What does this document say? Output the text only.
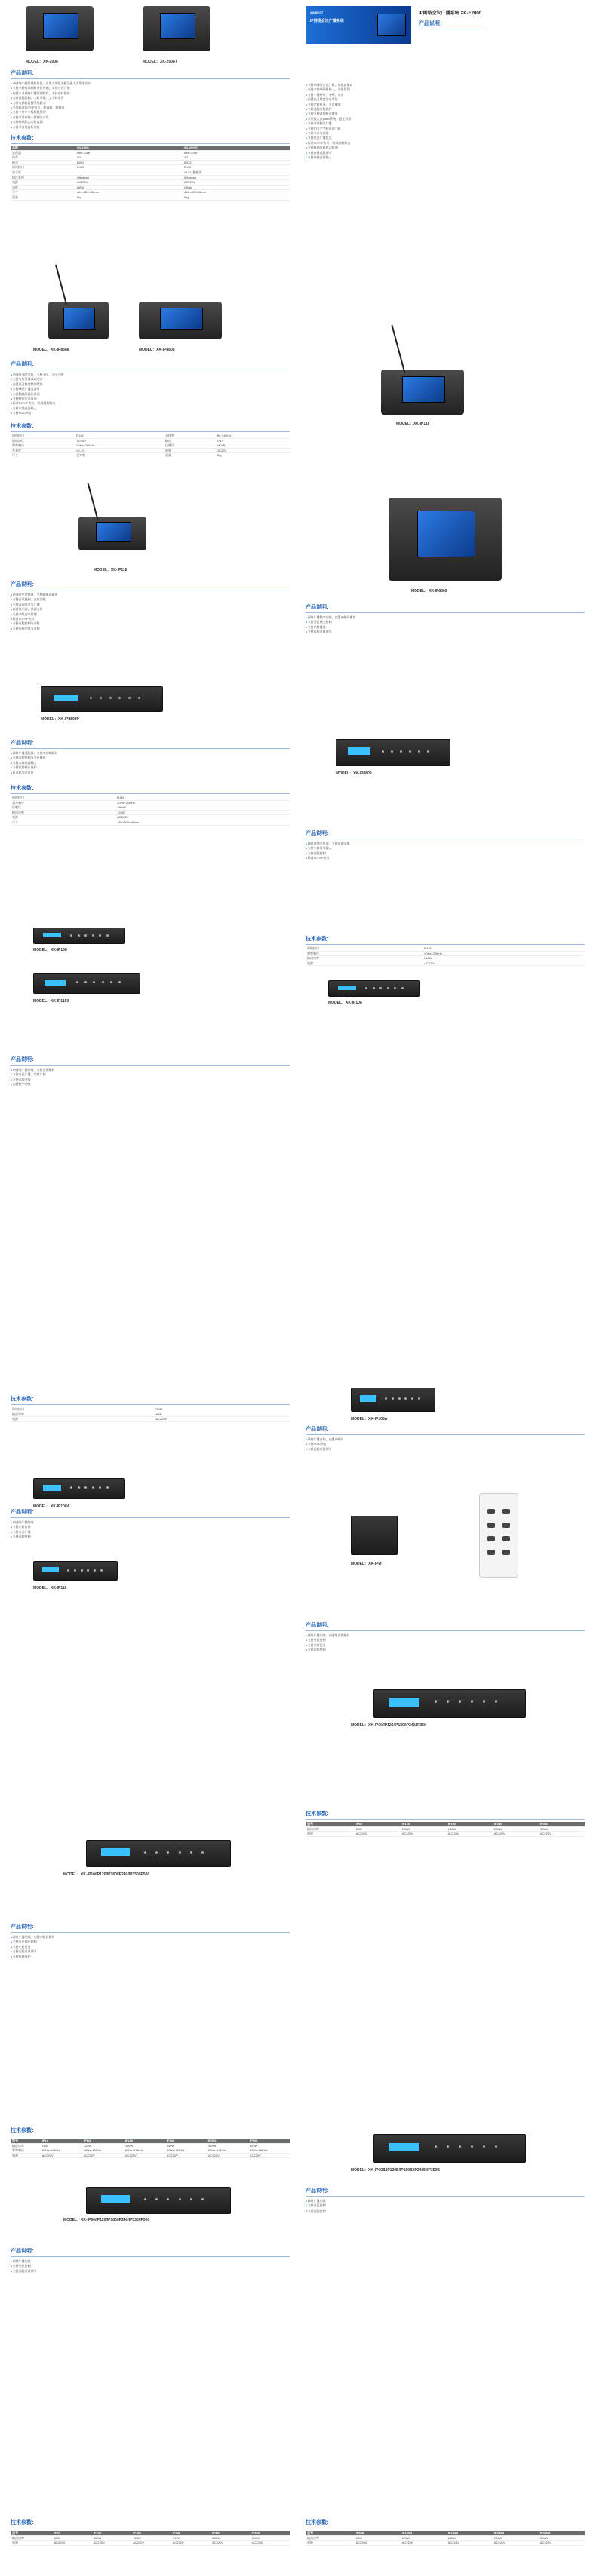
MODEL：XK-2008	MODEL：XK-2008T
产品说明：
■ IP网络广播管理服务器，采用工业级主板及嵌入式系统设计
■ 支持多路音频同时并行传输，实现分区广播
■ 内置专业网络广播管理软件，支持定时播放
■ 支持远程控制、实时采播、文字转语音
■ 支持与消防报警系统联动
■ 采用标准TCP/IP协议，跨网段、跨路由
■ 支持多用户多级权限管理
■ 支持节目库统一管理与分发
■ 支持终端状态实时监测
■ 支持录音及监听功能
技术参数：
名称	XK-2008	XK-2008T
处理器	Intel Core	Intel Core
内存	4G	4G
硬盘	500G	500G
网络接口	RJ45	RJ45
显示屏	—	15.6寸触摸屏
操作系统	Windows	Windows
电源	AC220V	AC220V
功耗	≤65W	≤65W
尺寸	484×420×88mm	484×420×88mm
重量	8kg	9kg
MODEL：XK-IP8688	MODEL：XK-IP8808
产品说明：
■ IP网络寻呼话筒，支持全区、分区寻呼
■ 支持与服务器双向对讲
■ 内置高灵敏度鹅颈话筒
■ 支持喊话广播及监听
■ 支持触摸屏操作界面
■ 支持呼叫记录查询
■ 标准TCP/IP协议，跨网段跨路由
■ 支持本地音源输入
■ 支持POE供电
技术参数：
网络接口	RJ45	采样率	8K~48KHz
网络协议	TCP/IP	输出	0~1V
频率响应	20Hz~20KHz	信噪比	≥80dB
失真度	≤0.1%	电源	DC12V
尺寸	见实物	重量	2kg
MODEL：XK-IP116
产品说明：
■ IP网络会议终端，支持触摸屏操作
■ 支持会议签到、表决功能
■ 支持双向对讲与广播
■ 高清显示屏，界面友好
■ 支持多级会议管理
■ 标准TCP/IP协议
■ 支持远程控制与升级
■ 支持外接功放与音箱
MODEL：XK-IP8808P
产品说明：
■ 网络广播适配器，支持IP音频解码
■ 支持远程控制与分区播放
■ 支持本地音源输入
■ 支持短路输出保护
■ 标准机架式设计
技术参数：
网络接口	RJ45
频率响应	20Hz~20KHz
信噪比	≥80dB
输出功率	120W
电源	AC220V
尺寸	484×300×88mm
MODEL：XK-IP108
MODEL：XK-IP1150
产品说明：
■ IP网络广播终端，支持音频解码
■ 支持分区广播、定时广播
■ 支持远程升级
■ 内置数字功放
技术参数：
网络接口	RJ45
输出功率	60W
电源	AC220V
MODEL：XK-IP108A
MODEL：XK-IP118
产品说明：
■ IP网络广播终端
■ 支持定时打铃
■ 支持分区广播
■ 支持远程控制
MODEL：XK-IP10/IP120/IP180/IP240/IP350/IP500
产品说明：
■ 网络广播功放，内置IP解码模块
■ 支持分区输出控制
■ 支持定时任务
■ 支持远程音量调节
■ 支持短路保护
技术参数：
型号	IP10	IP120	IP180	IP240	IP350	IP500
输出功率	10W	120W	180W	240W	350W	500W
频率响应	80Hz~16KHz	80Hz~16KHz	80Hz~16KHz	80Hz~16KHz	80Hz~16KHz	80Hz~16KHz
电源	AC220V	AC220V	AC220V	AC220V	AC220V	AC220V
MODEL：XK-IP60/IP120/IP180/IP240/IP350/IP500
产品说明：
■ 网络广播功放
■ 支持分区控制
■ 支持远程音量调节
技术参数：
型号	IP60	IP120	IP180	IP240	IP350	IP500
输出功率	60W	120W	180W	240W	350W	500W
电源	AC220V	AC220V	AC220V	AC220V	AC220V	AC220V
ASIBEST
IP网络会议广播系统
IP网络会议广播系统 XK-E2000
产品说明：
■ 支持IP网络会议广播，音质高保真
■ 支持多终端同时接入，分组管理
■ 支持一键呼叫、寻呼、对讲
■ 内置高灵敏度会议话筒
■ 支持定时任务、节目播放
■ 支持远程升级维护
■ 支持多种音频格式播放
■ 采用嵌入式Linux系统，稳定可靠
■ 支持事件触发广播
■ 支持TTS文字转语音广播
■ 支持录音与回放
■ 支持紧急广播优先
■ 标准TCP/IP协议，跨网段跨路由
■ 支持终端在线状态检测
■ 支持音量远程调节
■ 支持外接音源输入
MODEL：XK-IP118
MODEL：XK-IP8809
产品说明：
■ 网络广播数字功放，内置IP解码模块
■ 支持分区独立控制
■ 支持定时播放
■ 支持远程音量调节
MODEL：XK-IP8809
产品说明：
■ 网络音频采集器，支持音源采集
■ 支持多路信号输入
■ 支持远程控制
■ 标准TCP/IP协议
技术参数：
网络接口	RJ45
频率响应	20Hz~20KHz
输出功率	240W
电源	AC220V
MODEL：XK-IP108
MODEL：XK-IP108A
产品说明：
■ 网络广播音箱，内置IP解码
■ 支持POE供电
■ 支持远程音量调节
MODEL：XK-IPM
产品说明：
■ 网络广播功放，IP网络音频解码
■ 支持分区控制
■ 支持定时任务
■ 支持远程控制
MODEL：XK-IP60/IP120/IP180/IP240/IP350
技术参数：
型号	IP60	IP120	IP180	IP240	IP350
输出功率	60W	120W	180W	240W	350W
电源	AC220V	AC220V	AC220V	AC220V	AC220V
MODEL：XK-IP60B/IP120B/IP180B/IP240B/IP350B
产品说明：
■ 网络广播功放
■ 支持分区控制
■ 支持远程控制
技术参数：
型号	IP60B	IP120B	IP180B	IP240B	IP350B
输出功率	60W	120W	180W	240W	350W
电源	AC220V	AC220V	AC220V	AC220V	AC220V
